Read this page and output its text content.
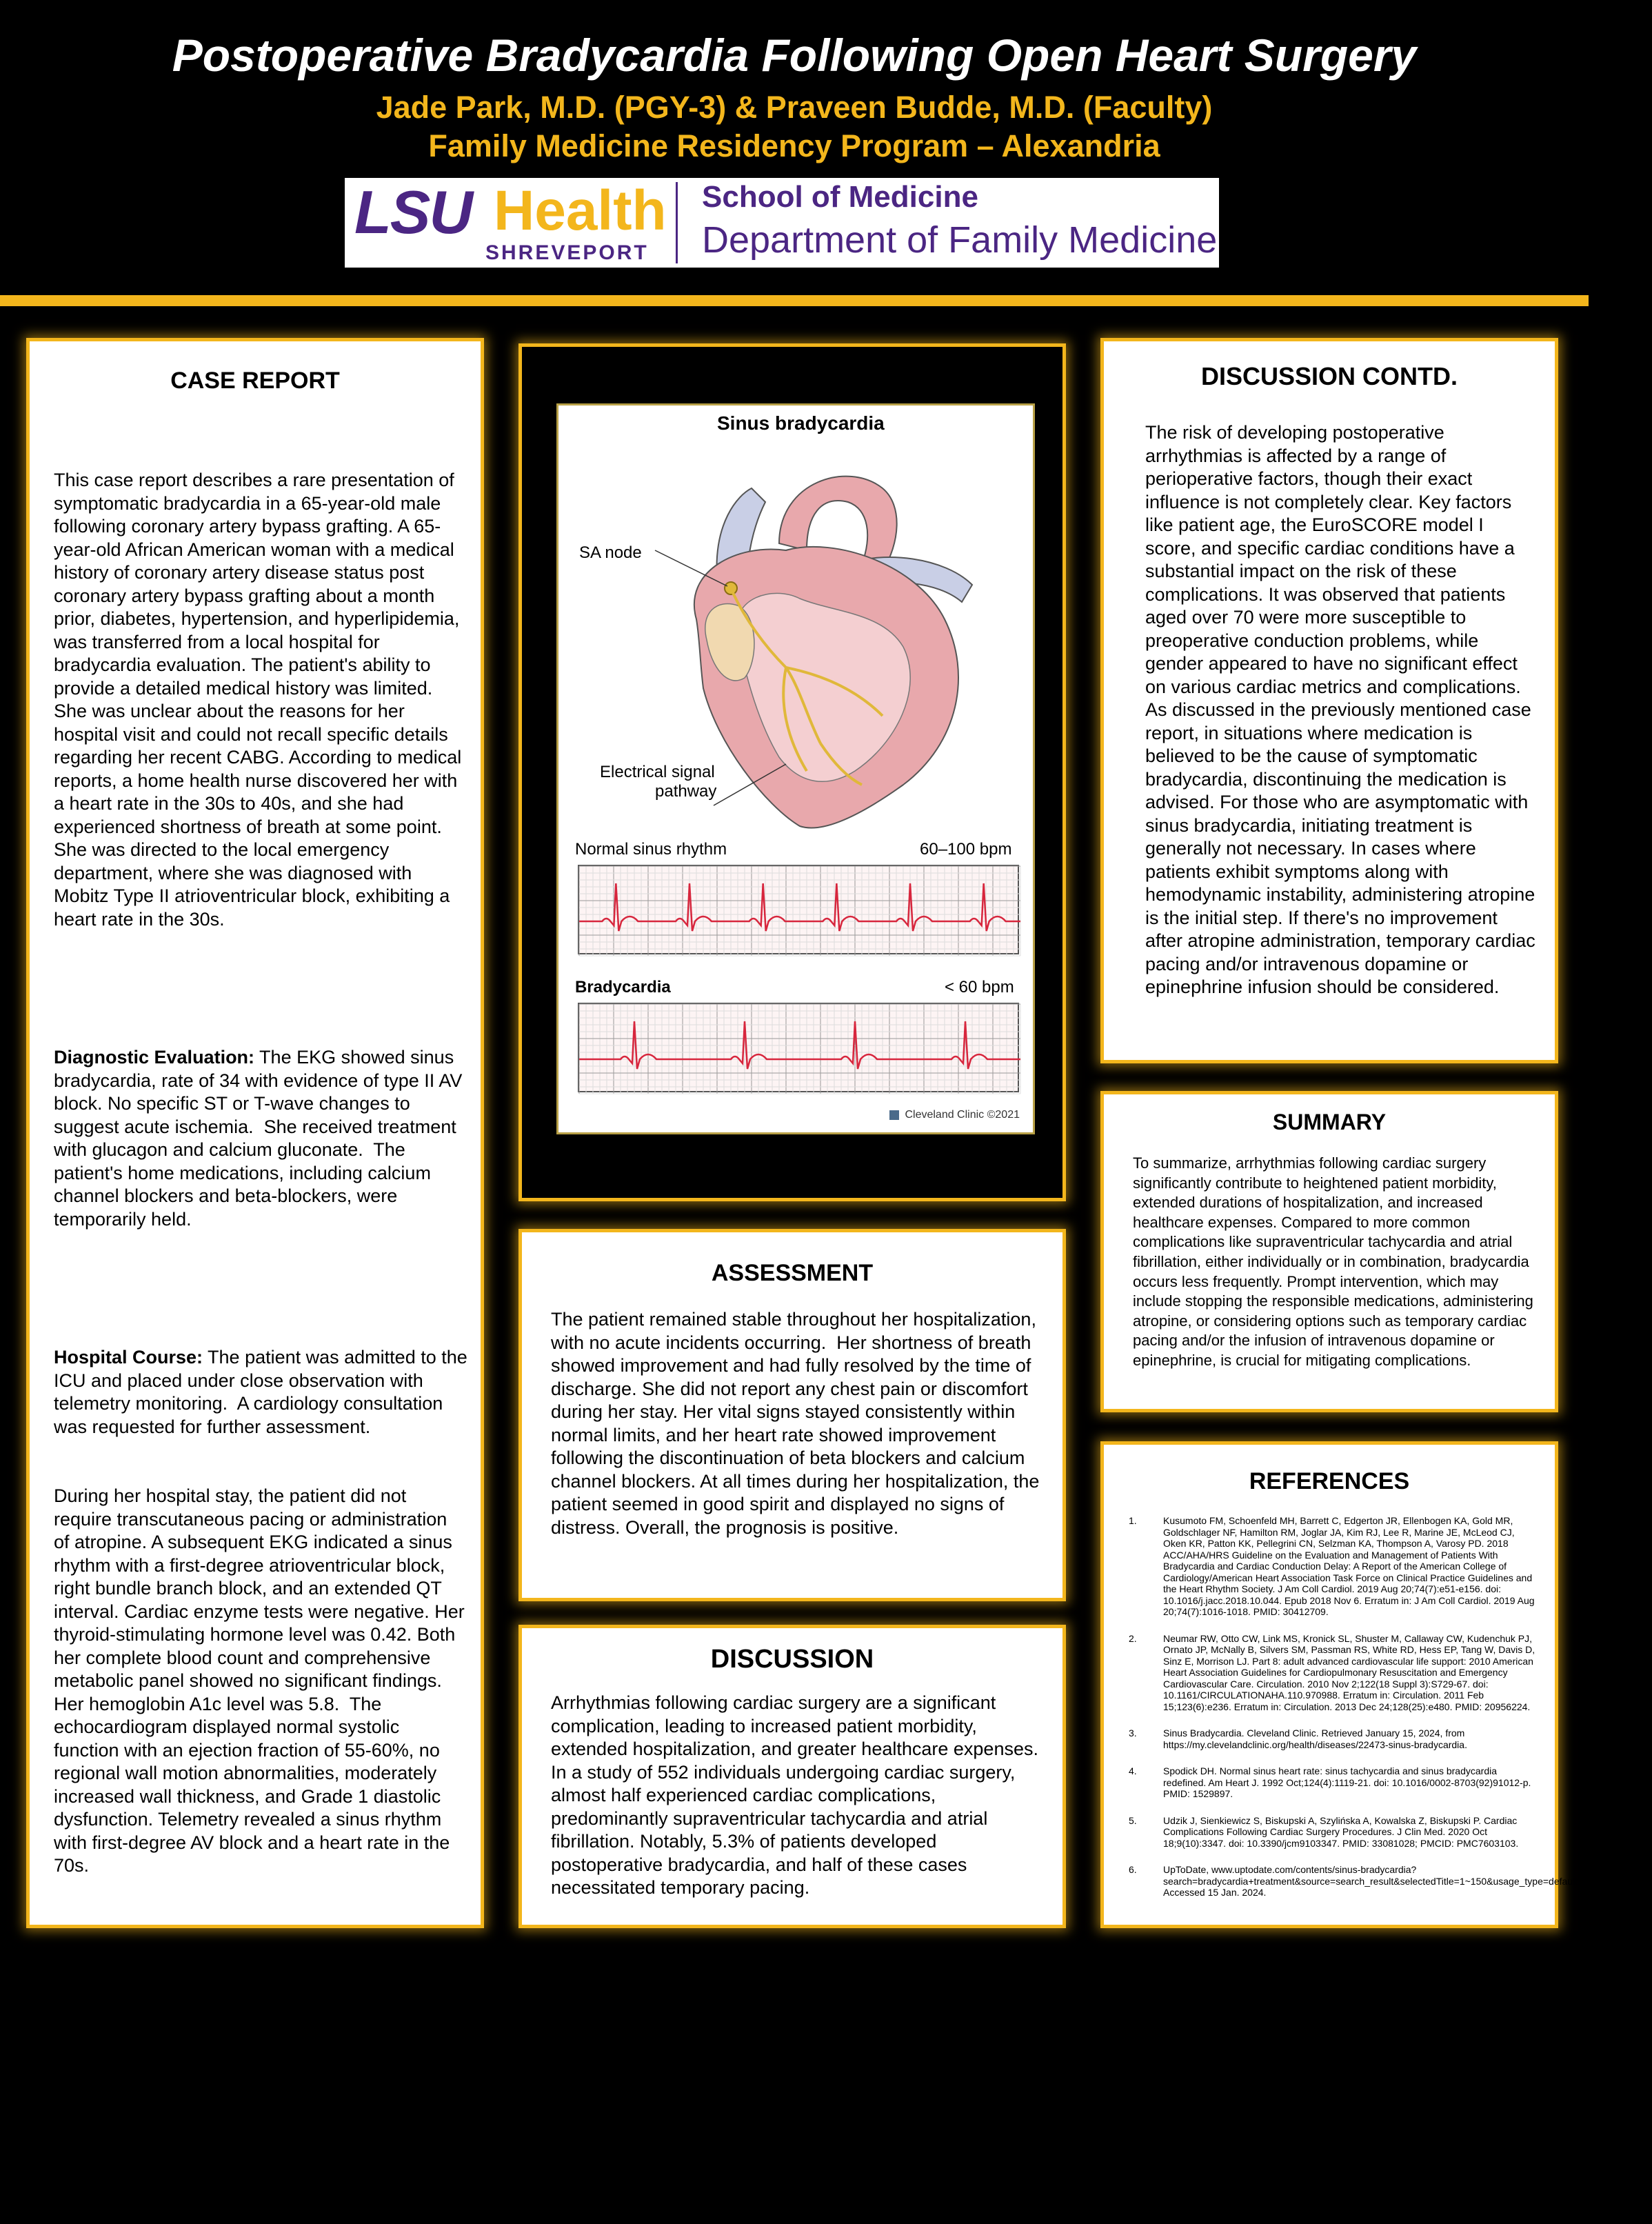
Postoperative Bradycardia Following Open Heart Surgery
Jade Park, M.D. (PGY-3) & Praveen Budde, M.D. (Faculty)
Family Medicine Residency Program – Alexandria
LSU Health
SHREVEPORT
School of Medicine
Department of Family Medicine
CASE REPORT

This case report describes a rare presentation of symptomatic bradycardia in a 65-year-old male following coronary artery bypass grafting. A 65-year-old African American woman with a medical history of coronary artery disease status post coronary artery bypass grafting about a month prior, diabetes, hypertension, and hyperlipidemia, was transferred from a local hospital for bradycardia evaluation. The patient's ability to provide a detailed medical history was limited. She was unclear about the reasons for her hospital visit and could not recall specific details regarding her recent CABG. According to medical reports, a home health nurse discovered her with a heart rate in the 30s to 40s, and she had experienced shortness of breath at some point.  She was directed to the local emergency department, where she was diagnosed with Mobitz Type II atrioventricular block, exhibiting a heart rate in the 30s.

Diagnostic Evaluation: The EKG showed sinus bradycardia, rate of 34 with evidence of type II AV block. No specific ST or T-wave changes to suggest acute ischemia.  She received treatment with glucagon and calcium gluconate.  The patient's home medications, including calcium channel blockers and beta-blockers, were temporarily held.

Hospital Course: The patient was admitted to the ICU and placed under close observation with telemetry monitoring.  A cardiology consultation was requested for further assessment.

During her hospital stay, the patient did not require transcutaneous pacing or administration of atropine. A subsequent EKG indicated a sinus rhythm with a first-degree atrioventricular block, right bundle branch block, and an extended QT interval. Cardiac enzyme tests were negative. Her thyroid-stimulating hormone level was 0.42. Both her complete blood count and comprehensive metabolic panel showed no significant findings. Her hemoglobin A1c level was 5.8.  The echocardiogram displayed normal systolic function with an ejection fraction of 55-60%, no regional wall motion abnormalities, moderately increased wall thickness, and Grade 1 diastolic dysfunction. Telemetry revealed a sinus rhythm with first-degree AV block and a heart rate in the 70s.

The patient responded well to conservative management without the need for a pacemaker.  Given the patient's clinical progress, the Cardiology team approved her discharge and recommended to withhold the nodal blocking agents until she has a follow-up consultation with her cardiologist. The patient was free of symptoms and medically cleared for discharge.

Sinus bradycardia
SA node
Electrical signal
pathway
Normal sinus rhythm	60–100 bpm
Bradycardia	< 60 bpm
Cleveland Clinic ©2021
ASSESSMENT
The patient remained stable throughout her hospitalization, with no acute incidents occurring.  Her shortness of breath showed improvement and had fully resolved by the time of discharge. She did not report any chest pain or discomfort during her stay. Her vital signs stayed consistently within normal limits, and her heart rate showed improvement following the discontinuation of beta blockers and calcium channel blockers. At all times during her hospitalization, the patient seemed in good spirit and displayed no signs of distress. Overall, the prognosis is positive.
DISCUSSION
Arrhythmias following cardiac surgery are a significant complication, leading to increased patient morbidity, extended hospitalization, and greater healthcare expenses. In a study of 552 individuals undergoing cardiac surgery, almost half experienced cardiac complications, predominantly supraventricular tachycardia and atrial fibrillation. Notably, 5.3% of patients developed postoperative bradycardia, and half of these cases necessitated temporary pacing.
DISCUSSION CONTD.
The risk of developing postoperative arrhythmias is affected by a range of perioperative factors, though their exact influence is not completely clear. Key factors like patient age, the EuroSCORE model I score, and specific cardiac conditions have a substantial impact on the risk of these complications. It was observed that patients aged over 70 were more susceptible to preoperative conduction problems, while gender appeared to have no significant effect on various cardiac metrics and complications. As discussed in the previously mentioned case report, in situations where medication is believed to be the cause of symptomatic bradycardia, discontinuing the medication is advised. For those who are asymptomatic with sinus bradycardia, initiating treatment is generally not necessary. In cases where patients exhibit symptoms along with hemodynamic instability, administering atropine is the initial step. If there's no improvement after atropine administration, temporary cardiac pacing and/or intravenous dopamine or epinephrine infusion should be considered.
SUMMARY
To summarize, arrhythmias following cardiac surgery significantly contribute to heightened patient morbidity, extended durations of hospitalization, and increased healthcare expenses. Compared to more common complications like supraventricular tachycardia and atrial fibrillation, either individually or in combination, bradycardia occurs less frequently. Prompt intervention, which may include stopping the responsible medications, administering atropine, or considering options such as temporary cardiac pacing and/or the infusion of intravenous dopamine or epinephrine, is crucial for mitigating complications.
REFERENCES
1.	Kusumoto FM, Schoenfeld MH, Barrett C, Edgerton JR, Ellenbogen KA, Gold MR, Goldschlager NF, Hamilton RM, Joglar JA, Kim RJ, Lee R, Marine JE, McLeod CJ, Oken KR, Patton KK, Pellegrini CN, Selzman KA, Thompson A, Varosy PD. 2018 ACC/AHA/HRS Guideline on the Evaluation and Management of Patients With Bradycardia and Cardiac Conduction Delay: A Report of the American College of Cardiology/American Heart Association Task Force on Clinical Practice Guidelines and the Heart Rhythm Society. J Am Coll Cardiol. 2019 Aug 20;74(7):e51-e156. doi: 10.1016/j.jacc.2018.10.044. Epub 2018 Nov 6. Erratum in: J Am Coll Cardiol. 2019 Aug 20;74(7):1016-1018. PMID: 30412709.
2.	Neumar RW, Otto CW, Link MS, Kronick SL, Shuster M, Callaway CW, Kudenchuk PJ, Ornato JP, McNally B, Silvers SM, Passman RS, White RD, Hess EP, Tang W, Davis D, Sinz E, Morrison LJ. Part 8: adult advanced cardiovascular life support: 2010 American Heart Association Guidelines for Cardiopulmonary Resuscitation and Emergency Cardiovascular Care. Circulation. 2010 Nov 2;122(18 Suppl 3):S729-67. doi: 10.1161/CIRCULATIONAHA.110.970988. Erratum in: Circulation. 2011 Feb 15;123(6):e236. Erratum in: Circulation. 2013 Dec 24;128(25):e480. PMID: 20956224.
3.	Sinus Bradycardia. Cleveland Clinic. Retrieved January 15, 2024, from https://my.clevelandclinic.org/health/diseases/22473-sinus-bradycardia.
4.	Spodick DH. Normal sinus heart rate: sinus tachycardia and sinus bradycardia redefined. Am Heart J. 1992 Oct;124(4):1119-21. doi: 10.1016/0002-8703(92)91012-p. PMID: 1529897.
5.	Udzik J, Sienkiewicz S, Biskupski A, Szylińska A, Kowalska Z, Biskupski P. Cardiac Complications Following Cardiac Surgery Procedures. J Clin Med. 2020 Oct 18;9(10):3347. doi: 10.3390/jcm9103347. PMID: 33081028; PMCID: PMC7603103.
6.	UpToDate, www.uptodate.com/contents/sinus-bradycardia?search=bradycardia+treatment&source=search_result&selectedTitle=1~150&usage_type=default&display_rank=1. Accessed 15 Jan. 2024.
